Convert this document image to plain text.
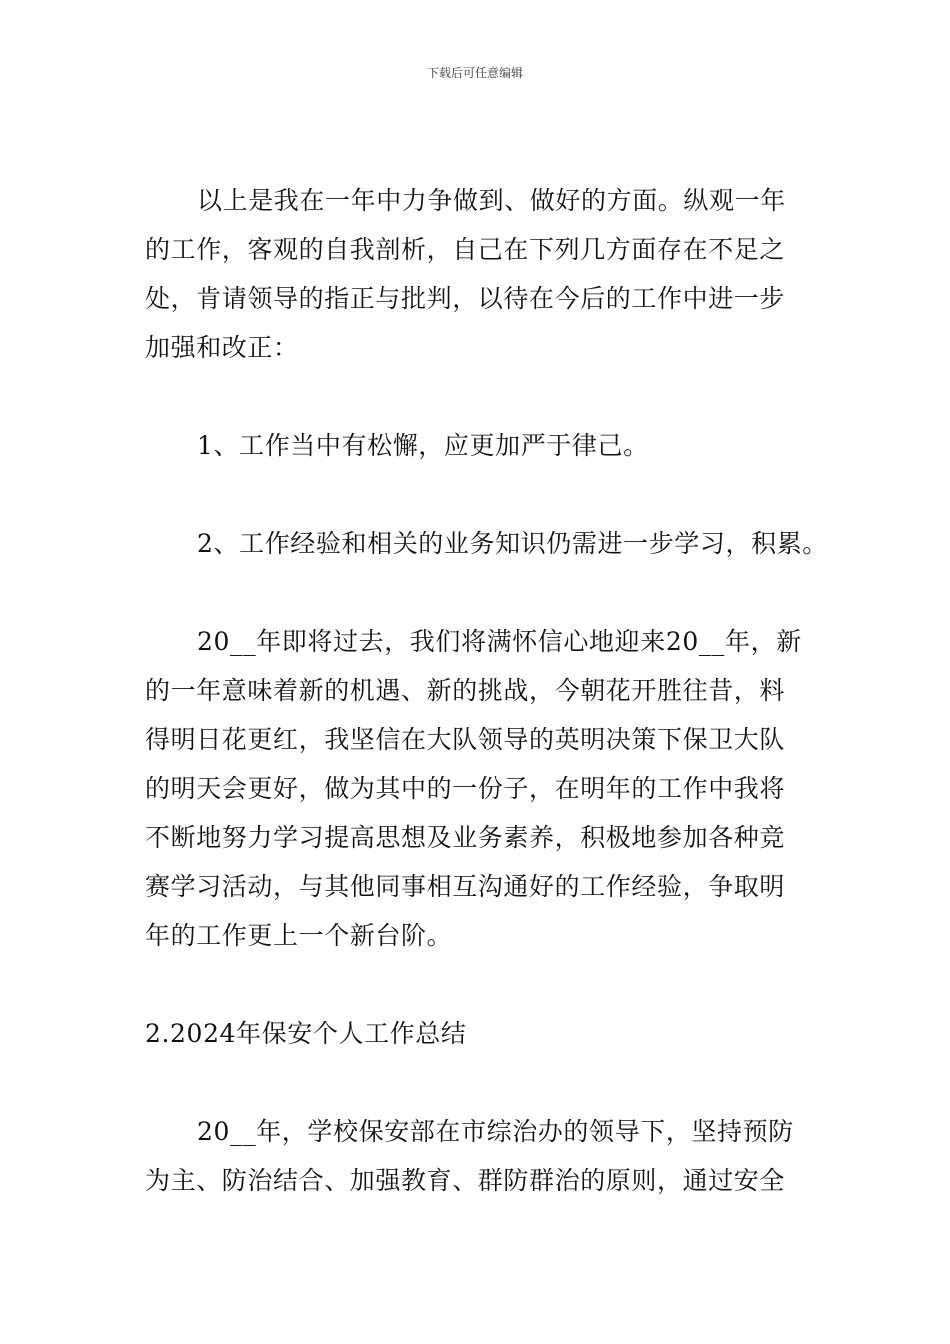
下载后可任意编辑

以上是我在一年中力争做到、做好的方面。纵观一年

的工作，客观的自我剖析，自己在下列几方面存在不足之

处，肯请领导的指正与批判，以待在今后的工作中进一步

加强和改正：

1、工作当中有松懈，应更加严于律己。

2、工作经验和相关的业务知识仍需进一步学习，积累。

20__年即将过去，我们将满怀信心地迎来20__年，新

的一年意味着新的机遇、新的挑战，今朝花开胜往昔，料

得明日花更红，我坚信在大队领导的英明决策下保卫大队

的明天会更好，做为其中的一份子，在明年的工作中我将

不断地努力学习提高思想及业务素养，积极地参加各种竞

赛学习活动，与其他同事相互沟通好的工作经验，争取明

年的工作更上一个新台阶。

2.2024年保安个人工作总结

20__年，学校保安部在市综治办的领导下，坚持预防

为主、防治结合、加强教育、群防群治的原则，通过安全
